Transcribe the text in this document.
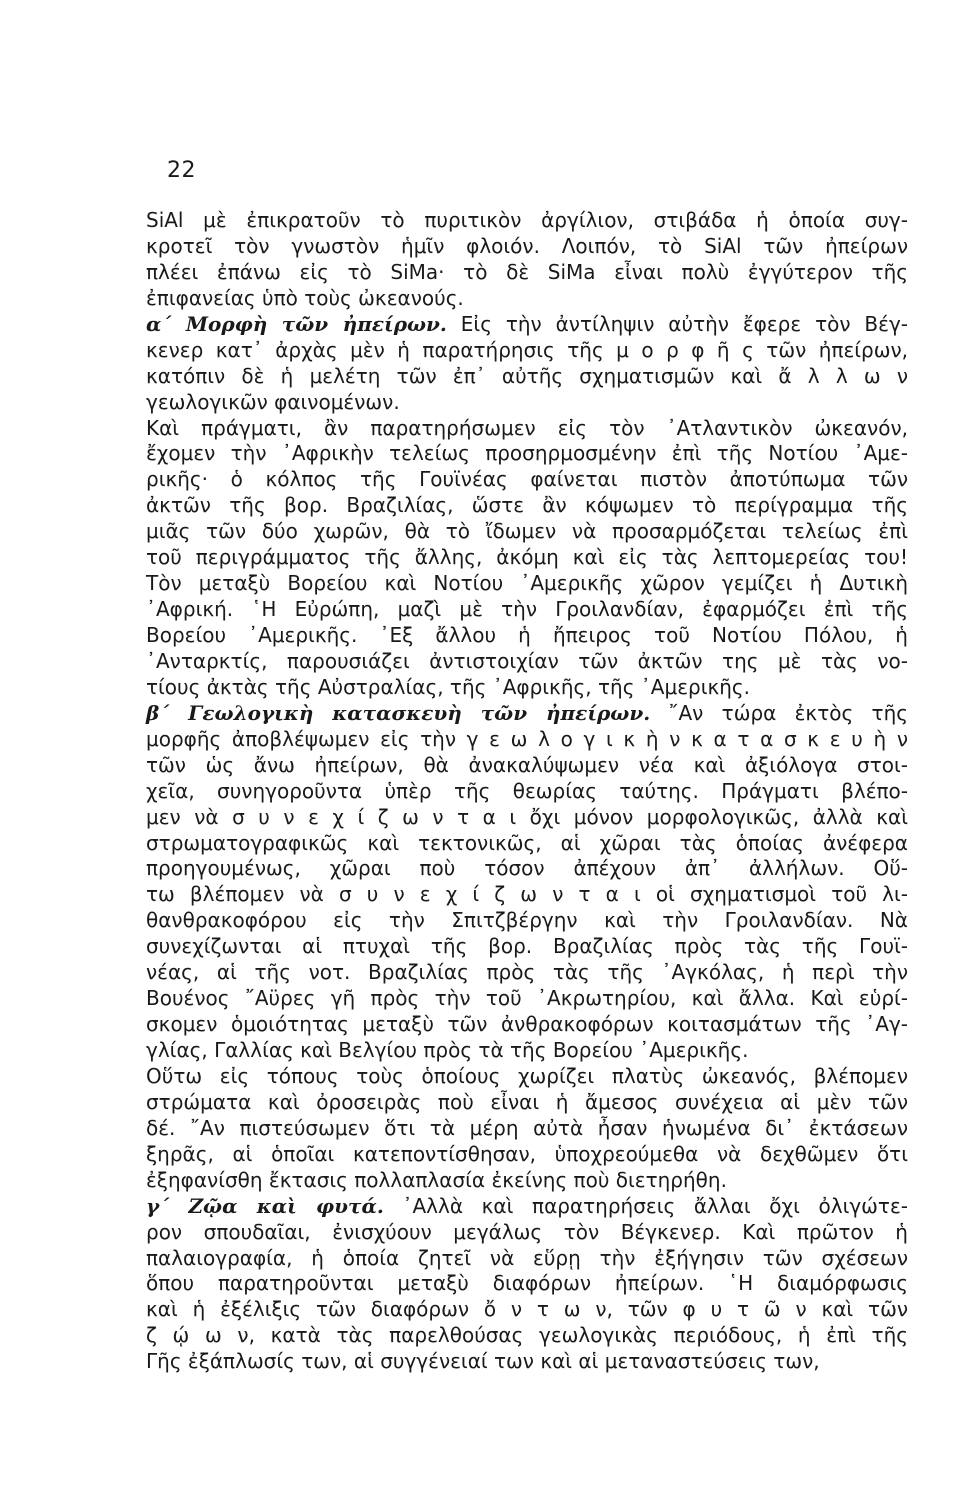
22
SiAl μὲ ἐπικρατοῦν τὸ πυριτικὸν ἀργίλιον, στιβάδα ἡ ὁποία συγ-
κροτεῖ τὸν γνωστὸν ἡμῖν φλοιόν. Λοιπόν, τὸ SiAl τῶν ἠπείρων
πλέει ἐπάνω εἰς τὸ SiMa· τὸ δὲ SiMa εἶναι πολὺ ἐγγύτερον τῆς
ἐπιφανείας ὑπὸ τοὺς ὠκεανούς.
α΄ Μορφὴ τῶν ἠπείρων. Εἰς τὴν ἀντίληψιν αὐτὴν ἔφερε τὸν Βέγ-
κενερ κατ᾿ ἀρχὰς μὲν ἡ παρατήρησις τῆς μ ο ρ φ ῆ ς τῶν ἠπείρων,
κατόπιν δὲ ἡ μελέτη τῶν ἐπ᾿ αὐτῆς σχηματισμῶν καὶ ἄ λ λ ω ν
γεωλογικῶν φαινομένων.
Καὶ πράγματι, ἂν παρατηρήσωμεν εἰς τὸν ᾿Ατλαντικὸν ὠκεανόν,
ἔχομεν τὴν ᾿Αφρικὴν τελείως προσηρμοσμένην ἐπὶ τῆς Νοτίου ᾿Αμε-
ρικῆς· ὁ κόλπος τῆς Γουϊνέας φαίνεται πιστὸν ἀποτύπωμα τῶν
ἀκτῶν τῆς βορ. Βραζιλίας, ὥστε ἂν κόψωμεν τὸ περίγραμμα τῆς
μιᾶς τῶν δύο χωρῶν, θὰ τὸ ἴδωμεν νὰ προσαρμόζεται τελείως ἐπὶ
τοῦ περιγράμματος τῆς ἄλλης, ἀκόμη καὶ εἰς τὰς λεπτομερείας του!
Τὸν μεταξὺ Βορείου καὶ Νοτίου ᾿Αμερικῆς χῶρον γεμίζει ἡ Δυτικὴ
᾿Αφρική. ῾Η Εὐρώπη, μαζὶ μὲ τὴν Γροιλανδίαν, ἐφαρμόζει ἐπὶ τῆς
Βορείου ᾿Αμερικῆς. ᾿Εξ ἄλλου ἡ ἤπειρος τοῦ Νοτίου Πόλου, ἡ
᾿Ανταρκτίς, παρουσιάζει ἀντιστοιχίαν τῶν ἀκτῶν της μὲ τὰς νο-
τίους ἀκτὰς τῆς Αὐστραλίας, τῆς ᾿Αφρικῆς, τῆς ᾿Αμερικῆς.
β΄ Γεωλογικὴ κατασκευὴ τῶν ἠπείρων. ῎Αν τώρα ἐκτὸς τῆς
μορφῆς ἀποβλέψωμεν εἰς τὴν γ ε ω λ ο γ ι κ ὴ ν κ α τ α σ κ ε υ ὴ ν
τῶν ὡς ἄνω ἠπείρων, θὰ ἀνακαλύψωμεν νέα καὶ ἀξιόλογα στοι-
χεῖα, συνηγοροῦντα ὑπὲρ τῆς θεωρίας ταύτης. Πράγματι βλέπο-
μεν νὰ σ υ ν ε χ ί ζ ω ν τ α ι ὄχι μόνον μορφολογικῶς, ἀλλὰ καὶ
στρωματογραφικῶς καὶ τεκτονικῶς, αἱ χῶραι τὰς ὁποίας ἀνέφερα
προηγουμένως, χῶραι ποὺ τόσον ἀπέχουν ἀπ᾿ ἀλλήλων. Οὕ-
τω βλέπομεν νὰ σ υ ν ε χ ί ζ ω ν τ α ι οἱ σχηματισμοὶ τοῦ λι-
θανθρακοφόρου εἰς τὴν Σπιτζβέργην καὶ τὴν Γροιλανδίαν. Νὰ
συνεχίζωνται αἱ πτυχαὶ τῆς βορ. Βραζιλίας πρὸς τὰς τῆς Γουϊ-
νέας, αἱ τῆς νοτ. Βραζιλίας πρὸς τὰς τῆς ᾿Αγκόλας, ἡ περὶ τὴν
Βουένος ῎Αϋρες γῆ πρὸς τὴν τοῦ ᾿Ακρωτηρίου, καὶ ἄλλα. Καὶ εὑρί-
σκομεν ὁμοιότητας μεταξὺ τῶν ἀνθρακοφόρων κοιτασμάτων τῆς ᾿Αγ-
γλίας, Γαλλίας καὶ Βελγίου πρὸς τὰ τῆς Βορείου ᾿Αμερικῆς.
Οὕτω εἰς τόπους τοὺς ὁποίους χωρίζει πλατὺς ὠκεανός, βλέπομεν
στρώματα καὶ ὀροσειρὰς ποὺ εἶναι ἡ ἄμεσος συνέχεια αἱ μὲν τῶν
δέ. ῎Αν πιστεύσωμεν ὅτι τὰ μέρη αὐτὰ ἦσαν ἡνωμένα δι᾿ ἐκτάσεων
ξηρᾶς, αἱ ὁποῖαι κατεποντίσθησαν, ὑποχρεούμεθα νὰ δεχθῶμεν ὅτι
ἐξηφανίσθη ἔκτασις πολλαπλασία ἐκείνης ποὺ διετηρήθη.
γ΄ Ζῷα καὶ φυτά. ᾿Αλλὰ καὶ παρατηρήσεις ἄλλαι ὄχι ὀλιγώτε-
ρον σπουδαῖαι, ἐνισχύουν μεγάλως τὸν Βέγκενερ. Καὶ πρῶτον ἡ
παλαιογραφία, ἡ ὁποία ζητεῖ νὰ εὕρῃ τὴν ἐξήγησιν τῶν σχέσεων
ὅπου παρατηροῦνται μεταξὺ διαφόρων ἠπείρων. ῾Η διαμόρφωσις
καὶ ἡ ἐξέλιξις τῶν διαφόρων ὄ ν τ ω ν, τῶν φ υ τ ῶ ν καὶ τῶν
ζ ῴ ω ν, κατὰ τὰς παρελθούσας γεωλογικὰς περιόδους, ἡ ἐπὶ τῆς
Γῆς ἐξάπλωσίς των, αἱ συγγένειαί των καὶ αἱ μεταναστεύσεις των,
